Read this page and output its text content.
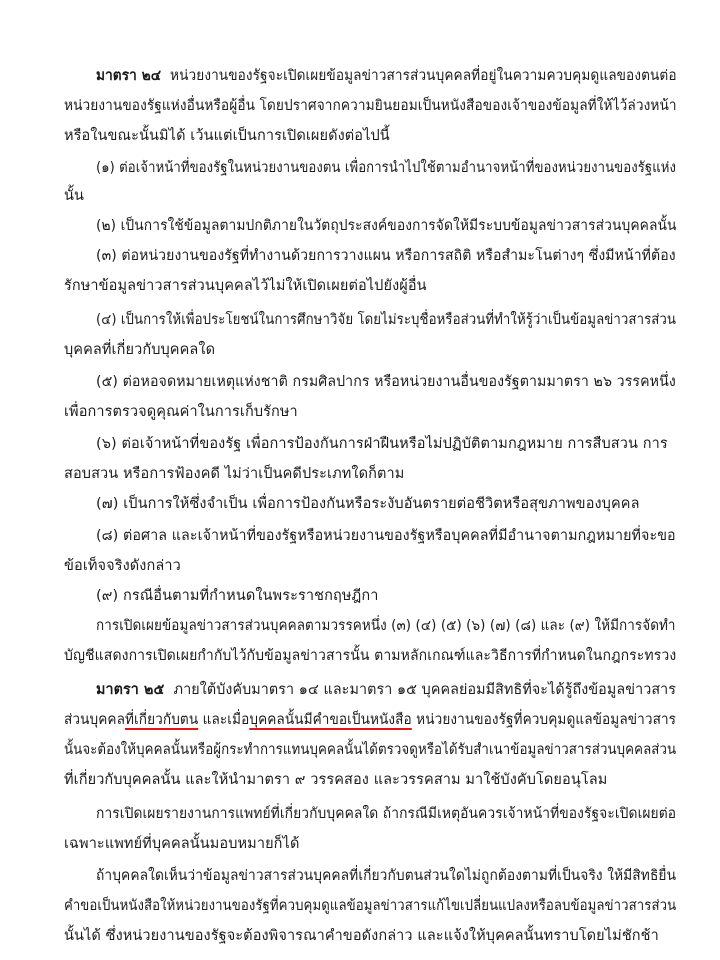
มาตรา ๒๔ หน่วยงานของรัฐจะเปิดเผยข้อมูลข่าวสารส่วนบุคคลที่อยู่ในความควบคุมดูแลของตนต่อ
หน่วยงานของรัฐแห่งอื่นหรือผู้อื่น โดยปราศจากความยินยอมเป็นหนังสือของเจ้าของข้อมูลที่ให้ไว้ล่วงหน้า
หรือในขณะนั้นมิได้ เว้นแต่เป็นการเปิดเผยดังต่อไปนี้
(๑) ต่อเจ้าหน้าที่ของรัฐในหน่วยงานของตน เพื่อการนำไปใช้ตามอำนาจหน้าที่ของหน่วยงานของรัฐแห่ง
นั้น
(๒) เป็นการใช้ข้อมูลตามปกติภายในวัตถุประสงค์ของการจัดให้มีระบบข้อมูลข่าวสารส่วนบุคคลนั้น
(๓) ต่อหน่วยงานของรัฐที่ทำงานด้วยการวางแผน หรือการสถิติ หรือสำมะโนต่างๆ ซึ่งมีหน้าที่ต้อง
รักษาข้อมูลข่าวสารส่วนบุคคลไว้ไม่ให้เปิดเผยต่อไปยังผู้อื่น
(๔) เป็นการให้เพื่อประโยชน์ในการศึกษาวิจัย โดยไม่ระบุชื่อหรือส่วนที่ทำให้รู้ว่าเป็นข้อมูลข่าวสารส่วน
บุคคลที่เกี่ยวกับบุคคลใด
(๕) ต่อหอจดหมายเหตุแห่งชาติ กรมศิลปากร หรือหน่วยงานอื่นของรัฐตามมาตรา ๒๖ วรรคหนึ่ง
เพื่อการตรวจดูคุณค่าในการเก็บรักษา
(๖) ต่อเจ้าหน้าที่ของรัฐ เพื่อการป้องกันการฝ่าฝืนหรือไม่ปฏิบัติตามกฎหมาย การสืบสวน การ
สอบสวน หรือการฟ้องคดี ไม่ว่าเป็นคดีประเภทใดก็ตาม
(๗) เป็นการให้ซึ่งจำเป็น เพื่อการป้องกันหรือระงับอันตรายต่อชีวิตหรือสุขภาพของบุคคล
(๘) ต่อศาล และเจ้าหน้าที่ของรัฐหรือหน่วยงานของรัฐหรือบุคคลที่มีอำนาจตามกฎหมายที่จะขอ
ข้อเท็จจริงดังกล่าว
(๙) กรณีอื่นตามที่กำหนดในพระราชกฤษฎีกา
การเปิดเผยข้อมูลข่าวสารส่วนบุคคลตามวรรคหนึ่ง (๓) (๔) (๕) (๖) (๗) (๘) และ (๙) ให้มีการจัดทำ
บัญชีแสดงการเปิดเผยกำกับไว้กับข้อมูลข่าวสารนั้น ตามหลักเกณฑ์และวิธีการที่กำหนดในกฎกระทรวง
มาตรา ๒๕ ภายใต้บังคับมาตรา ๑๔ และมาตรา ๑๕ บุคคลย่อมมีสิทธิที่จะได้รู้ถึงข้อมูลข่าวสาร
ส่วนบุคคลที่เกี่ยวกับตน และเมื่อบุคคลนั้นมีคำขอเป็นหนังสือ หน่วยงานของรัฐที่ควบคุมดูแลข้อมูลข่าวสาร
นั้นจะต้องให้บุคคลนั้นหรือผู้กระทำการแทนบุคคลนั้นได้ตรวจดูหรือได้รับสำเนาข้อมูลข่าวสารส่วนบุคคลส่วน
ที่เกี่ยวกับบุคคลนั้น และให้นำมาตรา ๙ วรรคสอง และวรรคสาม มาใช้บังคับโดยอนุโลม
การเปิดเผยรายงานการแพทย์ที่เกี่ยวกับบุคคลใด ถ้ากรณีมีเหตุอันควรเจ้าหน้าที่ของรัฐจะเปิดเผยต่อ
เฉพาะแพทย์ที่บุคคลนั้นมอบหมายก็ได้
ถ้าบุคคลใดเห็นว่าข้อมูลข่าวสารส่วนบุคคลที่เกี่ยวกับตนส่วนใดไม่ถูกต้องตามที่เป็นจริง ให้มีสิทธิยื่น
คำขอเป็นหนังสือให้หน่วยงานของรัฐที่ควบคุมดูแลข้อมูลข่าวสารแก้ไขเปลี่ยนแปลงหรือลบข้อมูลข่าวสารส่วน
นั้นได้ ซึ่งหน่วยงานของรัฐจะต้องพิจารณาคำขอดังกล่าว และแจ้งให้บุคคลนั้นทราบโดยไม่ชักช้า
